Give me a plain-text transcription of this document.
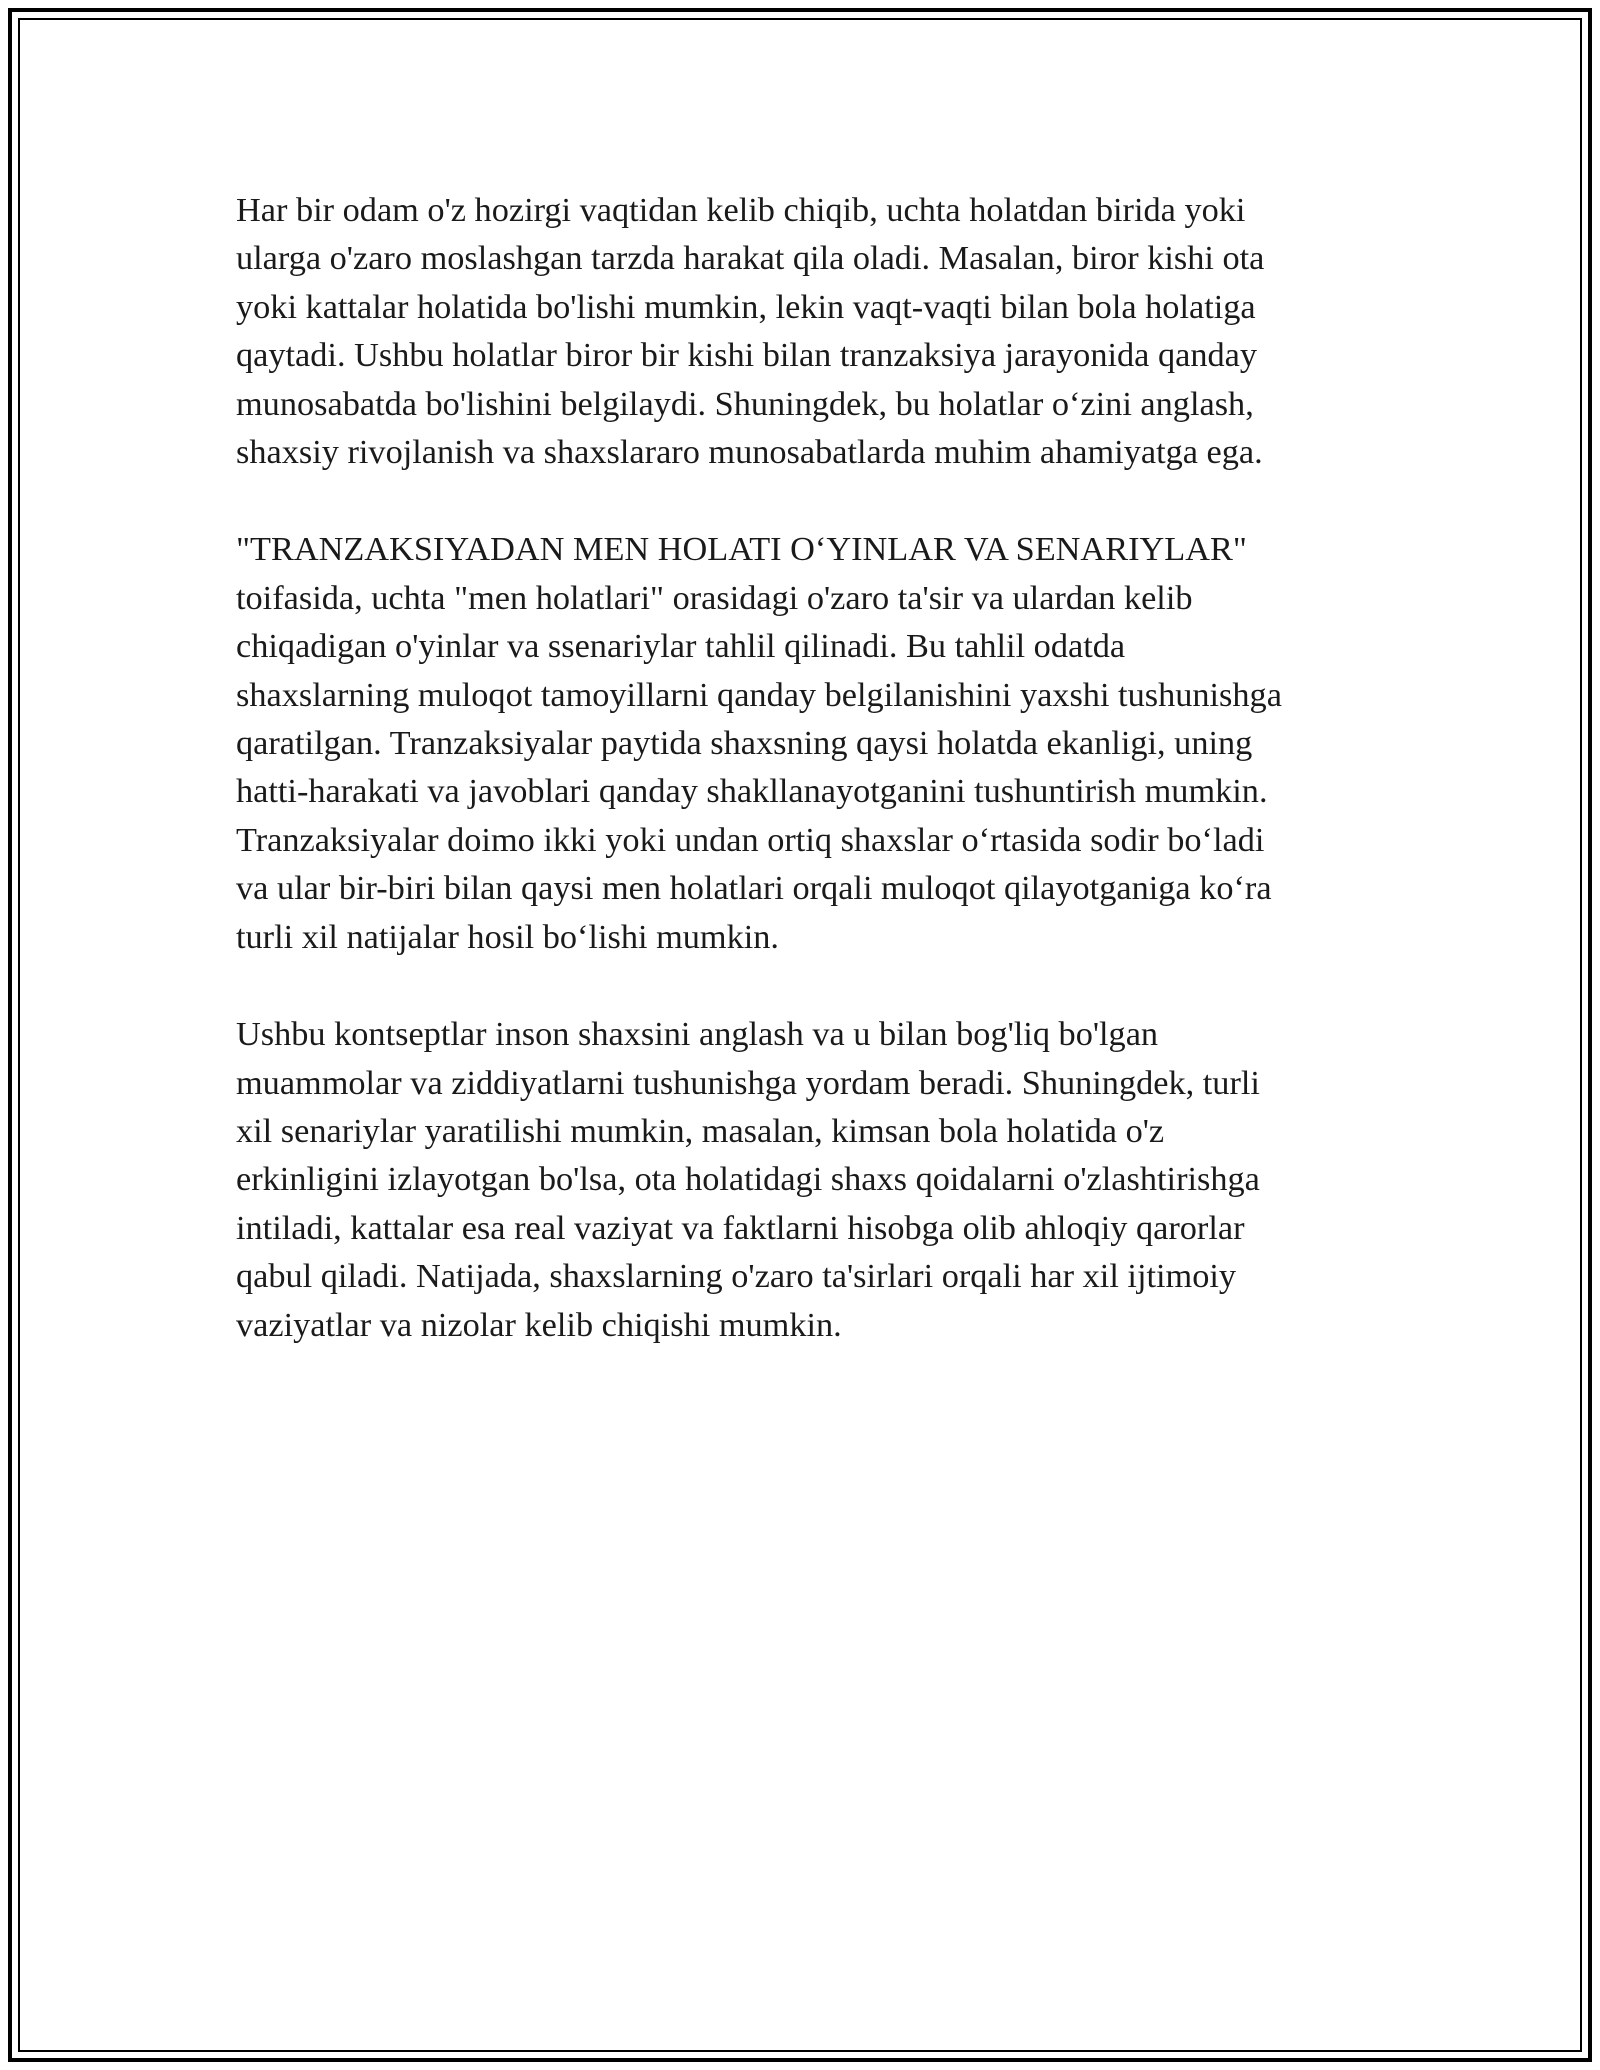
Har bir odam o'z hozirgi vaqtidan kelib chiqib, uchta holatdan birida yoki
ularga o'zaro moslashgan tarzda harakat qila oladi. Masalan, biror kishi ota
yoki kattalar holatida bo'lishi mumkin, lekin vaqt-vaqti bilan bola holatiga
qaytadi. Ushbu holatlar biror bir kishi bilan tranzaksiya jarayonida qanday
munosabatda bo'lishini belgilaydi. Shuningdek, bu holatlar o‘zini anglash,
shaxsiy rivojlanish va shaxslararo munosabatlarda muhim ahamiyatga ega.

"TRANZAKSIYADAN MEN HOLATI O‘YINLAR VA SENARIYLAR"
toifasida, uchta "men holatlari" orasidagi o'zaro ta'sir va ulardan kelib
chiqadigan o'yinlar va ssenariylar tahlil qilinadi. Bu tahlil odatda
shaxslarning muloqot tamoyillarni qanday belgilanishini yaxshi tushunishga
qaratilgan. Tranzaksiyalar paytida shaxsning qaysi holatda ekanligi, uning
hatti-harakati va javoblari qanday shakllanayotganini tushuntirish mumkin.
Tranzaksiyalar doimo ikki yoki undan ortiq shaxslar o‘rtasida sodir bo‘ladi
va ular bir-biri bilan qaysi men holatlari orqali muloqot qilayotganiga ko‘ra
turli xil natijalar hosil bo‘lishi mumkin.

Ushbu kontseptlar inson shaxsini anglash va u bilan bog'liq bo'lgan
muammolar va ziddiyatlarni tushunishga yordam beradi. Shuningdek, turli
xil senariylar yaratilishi mumkin, masalan, kimsan bola holatida o'z
erkinligini izlayotgan bo'lsa, ota holatidagi shaxs qoidalarni o'zlashtirishga
intiladi, kattalar esa real vaziyat va faktlarni hisobga olib ahloqiy qarorlar
qabul qiladi. Natijada, shaxslarning o'zaro ta'sirlari orqali har xil ijtimoiy
vaziyatlar va nizolar kelib chiqishi mumkin.
